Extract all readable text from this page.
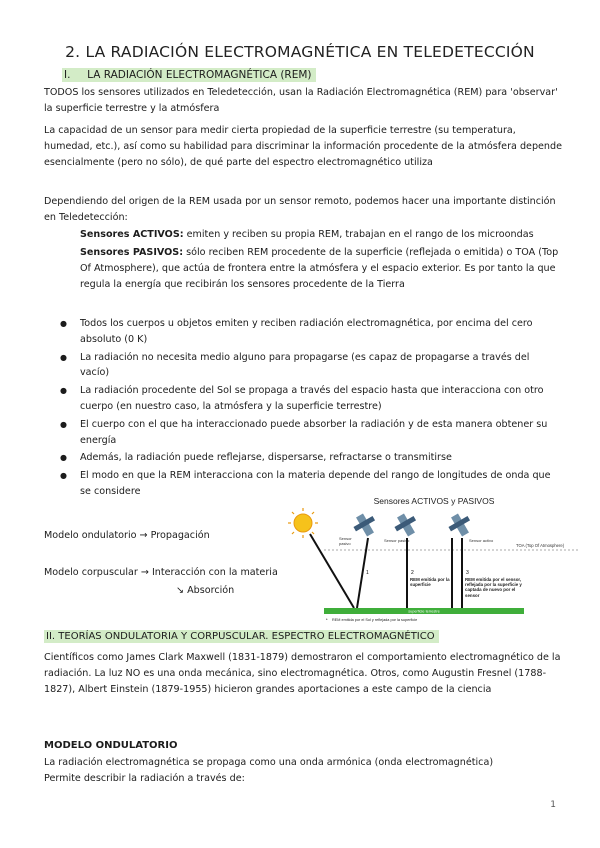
2. LA RADIACIÓN ELECTROMAGNÉTICA EN TELEDETECCIÓN
I. LA RADIACIÓN ELECTROMAGNÉTICA (REM)

TODOS los sensores utilizados en Teledetección, usan la Radiación Electromagnética (REM) para 'observar' la superficie terrestre y la atmósfera

La capacidad de un sensor para medir cierta propiedad de la superficie terrestre (su temperatura, humedad, etc.), así como su habilidad para discriminar la información procedente de la atmósfera depende esencialmente (pero no sólo), de qué parte del espectro electromagnético utiliza

Dependiendo del origen de la REM usada por un sensor remoto, podemos hacer una importante distinción en Teledetección:

Sensores ACTIVOS: emiten y reciben su propia REM, trabajan en el rango de los microondas

Sensores PASIVOS: sólo reciben REM procedente de la superficie (reflejada o emitida) o TOA (Top Of Atmosphere), que actúa de frontera entre la atmósfera y el espacio exterior. Es por tanto la que regula la energía que recibirán los sensores procedente de la Tierra

● Todos los cuerpos u objetos emiten y reciben radiación electromagnética, por encima del cero absoluto (0 K)
● La radiación no necesita medio alguno para propagarse (es capaz de propagarse a través del vacío)
● La radiación procedente del Sol se propaga a través del espacio hasta que interacciona con otro cuerpo (en nuestro caso, la atmósfera y la superficie terrestre)
● El cuerpo con el que ha interaccionado puede absorber la radiación y de esta manera obtener su energía
● Además, la radiación puede reflejarse, dispersarse, refractarse o transmitirse
● El modo en que la REM interacciona con la materia depende del rango de longitudes de onda que se considere
Modelo ondulatorio → Propagación
Modelo corpuscular → Interacción con la materia
↘ Absorción
Sensores ACTIVOS y PASIVOS
Sensor
pasivo
Sensor pasivo	Sensor activo
TOA (Top Of Atmosphere)
1	2	3
REM emitida por la superficie
REM emitida por el sensor, reflejada por la superficie y captada de nuevo por el sensor
superficie terrestre
* REM emitida por el Sol y reflejada por la superficie
II. TEORÍAS ONDULATORIA Y CORPUSCULAR. ESPECTRO ELECTROMAGNÉTICO

Científicos como James Clark Maxwell (1831-1879) demostraron el comportamiento electromagnético de la radiación. La luz NO es una onda mecánica, sino electromagnética. Otros, como Augustin Fresnel (1788-1827), Albert Einstein (1879-1955) hicieron grandes aportaciones a este campo de la ciencia

MODELO ONDULATORIO

La radiación electromagnética se propaga como una onda armónica (onda electromagnética)

Permite describir la radiación a través de:

1
